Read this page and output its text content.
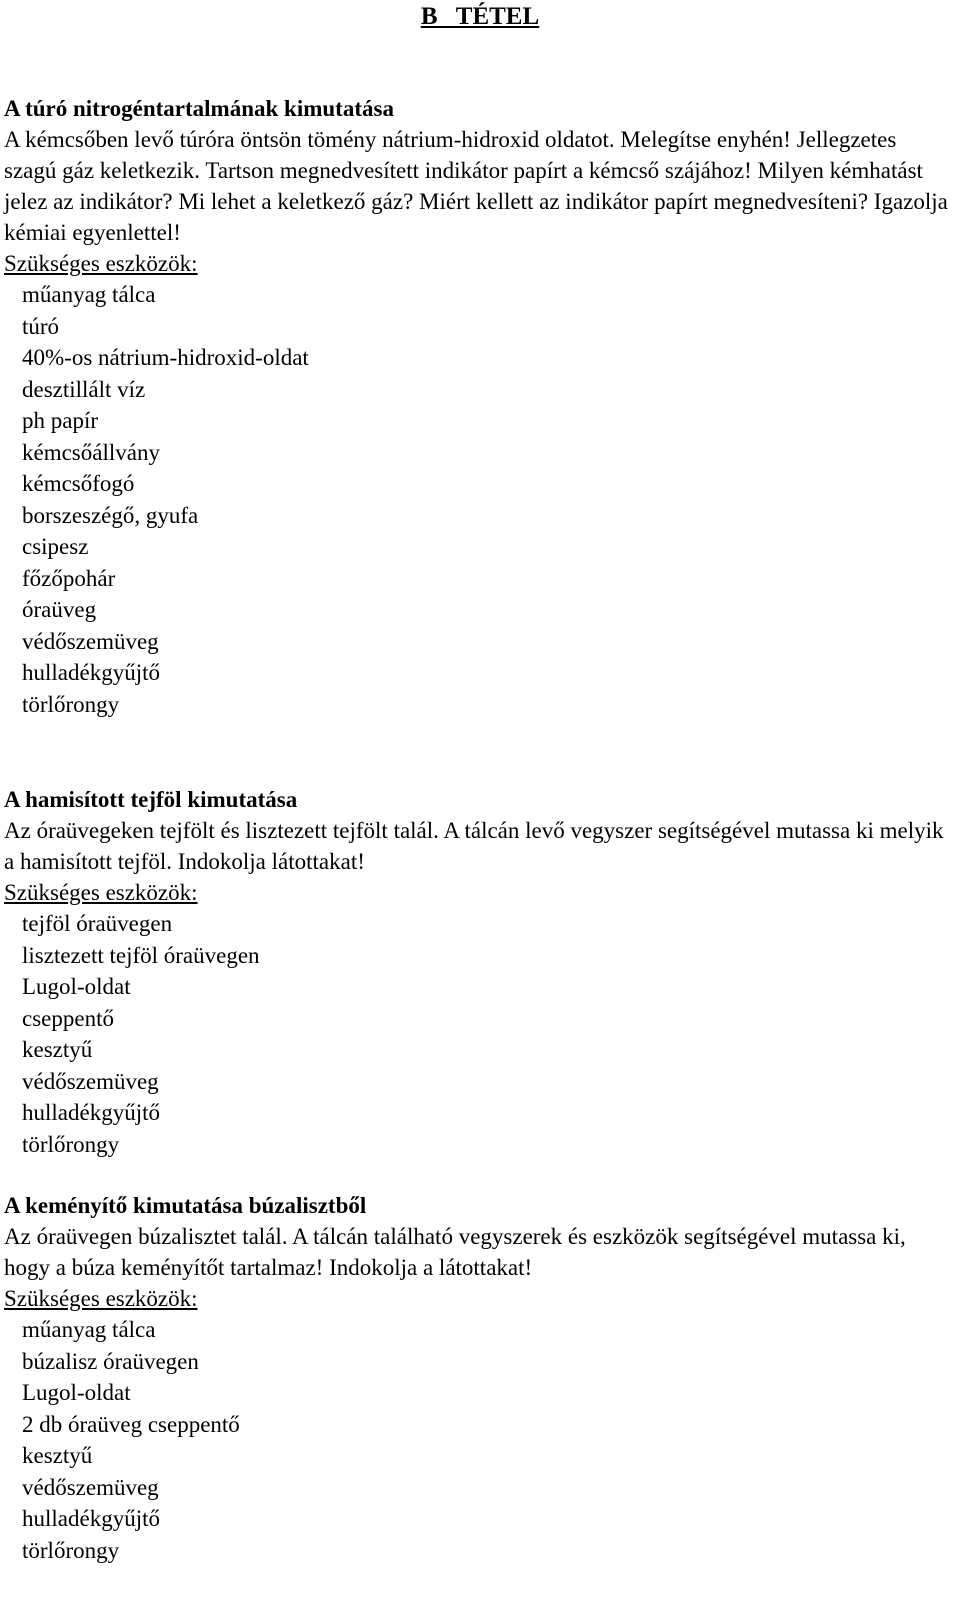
B   TÉTEL
A túró nitrogéntartalmának kimutatása
A kémcsőben levő túróra öntsön tömény nátrium-hidroxid oldatot. Melegítse enyhén! Jellegzetes szagú gáz keletkezik. Tartson megnedvesített indikátor papírt a kémcső szájához! Milyen kémhatást jelez az indikátor? Mi lehet a keletkező gáz? Miért kellett az indikátor papírt megnedvesíteni? Igazolja kémiai egyenlettel!
Szükséges eszközök:
műanyag tálca
túró
40%-os nátrium-hidroxid-oldat
desztillált víz
ph papír
kémcsőállvány
kémcsőfogó
borszeszégő, gyufa
csipesz
főzőpohár
óraüveg
védőszemüveg
hulladékgyűjtő
törlőrongy
A hamisított tejföl kimutatása
Az óraüvegeken tejfölt és lisztezett tejfölt talál. A tálcán levő vegyszer segítségével mutassa ki melyik a hamisított tejföl. Indokolja látottakat!
Szükséges eszközök:
tejföl óraüvegen
lisztezett tejföl óraüvegen
Lugol-oldat
cseppentő
kesztyű
védőszemüveg
hulladékgyűjtő
törlőrongy
A keményítő kimutatása búzalisztből
Az óraüvegen búzalisztet talál. A tálcán található vegyszerek és eszközök segítségével mutassa ki, hogy a búza keményítőt tartalmaz! Indokolja a látottakat!
Szükséges eszközök:
műanyag tálca
búzalisz óraüvegen
Lugol-oldat
2 db óraüveg cseppentő
kesztyű
védőszemüveg
hulladékgyűjtő
törlőrongy
